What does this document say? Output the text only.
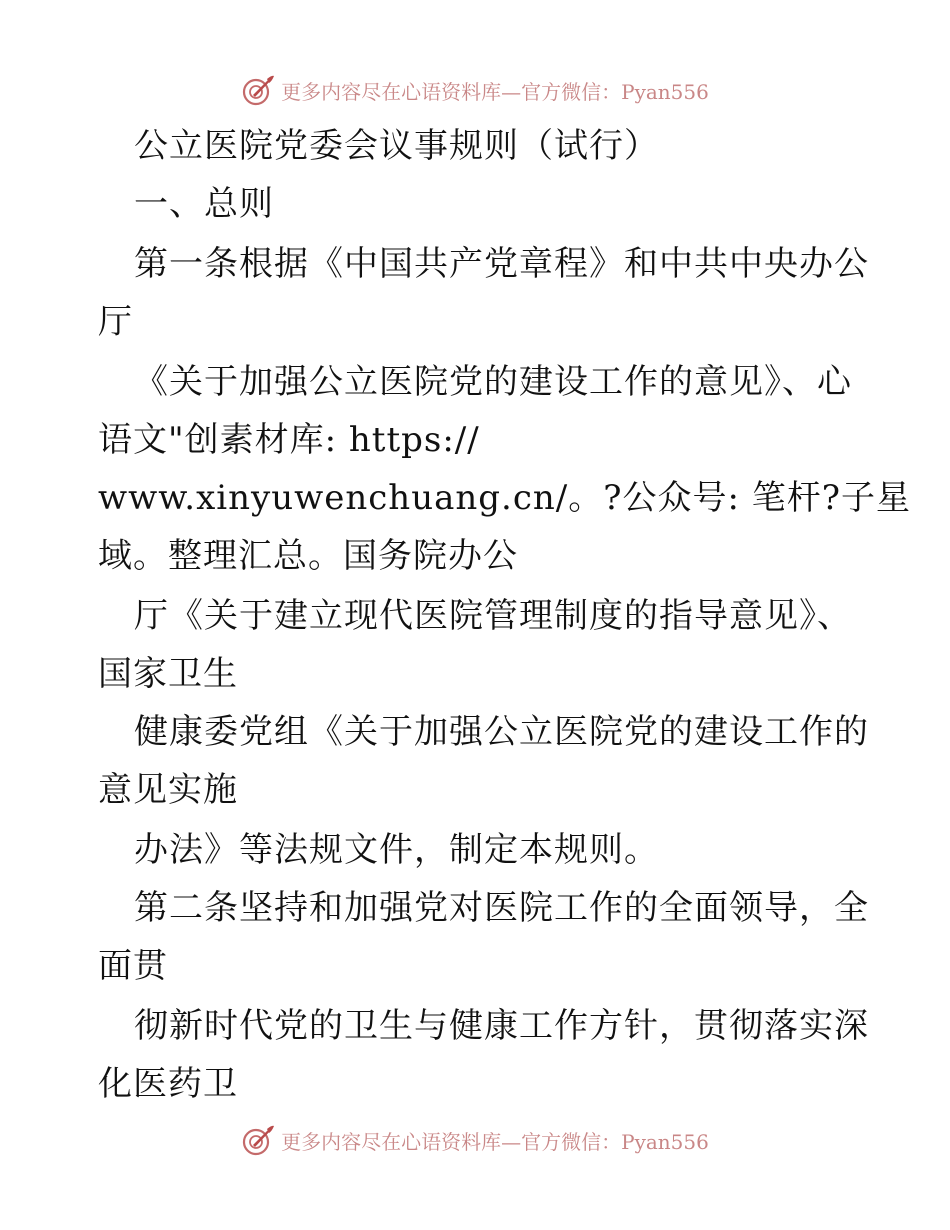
更多内容尽在心语资料库—官方微信：Pyan556
公立医院党委会议事规则（试行）
一、总则
第一条根据《中国共产党章程》和中共中央办公
厅
《关于加强公立医院党的建设工作的意见》、心
语文"创素材库: https://
www.xinyuwenchuang.cn/。?公众号: 笔杆?子星
域。整理汇总。国务院办公
厅《关于建立现代医院管理制度的指导意见》、
国家卫生
健康委党组《关于加强公立医院党的建设工作的
意见实施
办法》等法规文件，制定本规则。
第二条坚持和加强党对医院工作的全面领导，全
面贯
彻新时代党的卫生与健康工作方针，贯彻落实深
化医药卫
更多内容尽在心语资料库—官方微信：Pyan556
